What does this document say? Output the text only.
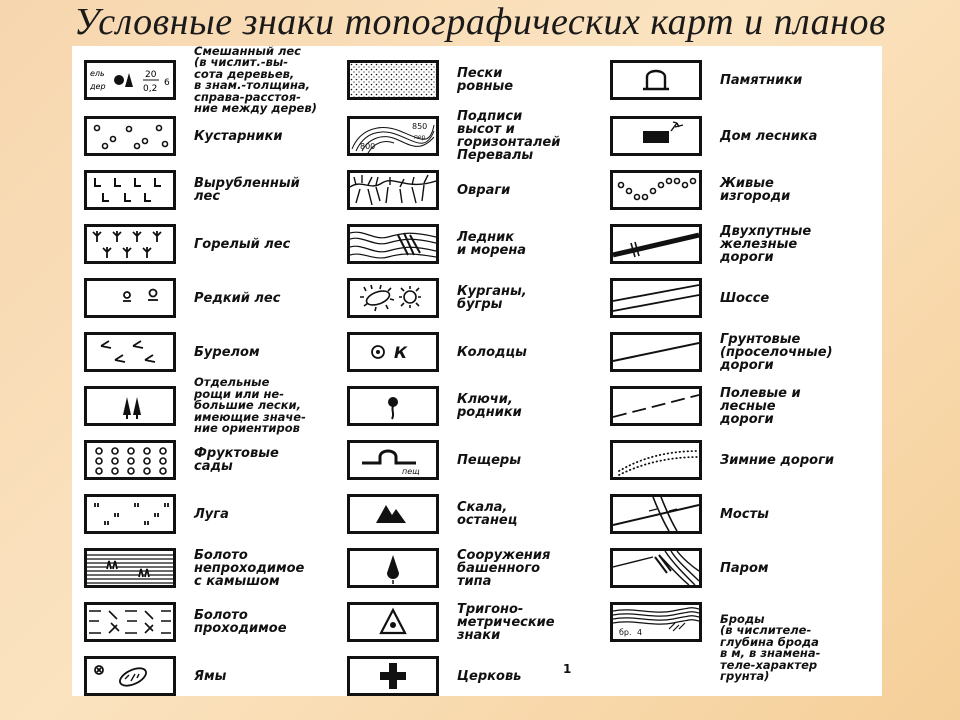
Условные знаки топографических карт и планов
ель
дер
20
0,2
6
Смешанный лес
(в числит.-вы-
сота деревьев,
в знам.-толщина,
справа-расстоя-
ние между дерев)
Кустарники
Вырубленный
лес
Горелый лес
Редкий лес
Бурелом
Отдельные
рощи или не-
большие лески,
имеющие значе-
ние ориентиров
Фруктовые
сады
Луга
Болото
непроходимое
с камышом
Болото
проходимое
Ямы
Пески
ровные
850
пер
800
Подписи
высот и
горизонталей
Перевалы
Овраги
Ледник
и морена
Курганы,
бугры
К	Колодцы
Ключи,
родники
пещ
Пещеры
Скала,
останец
Сооружения
башенного
типа
Тригоно-
метрические
знаки
Церковь
Памятники
Дом лесника
Живые
изгороди
Двухпутные
железные
дороги
Шоссе
Грунтовые
(проселочные)
дороги
Полевые и
лесные
дороги
Зимние дороги
Мосты
Паром
бр. 4
Броды
(в числителе-
глубина брода
в м, в знамена-
теле-характер
грунта)
1
